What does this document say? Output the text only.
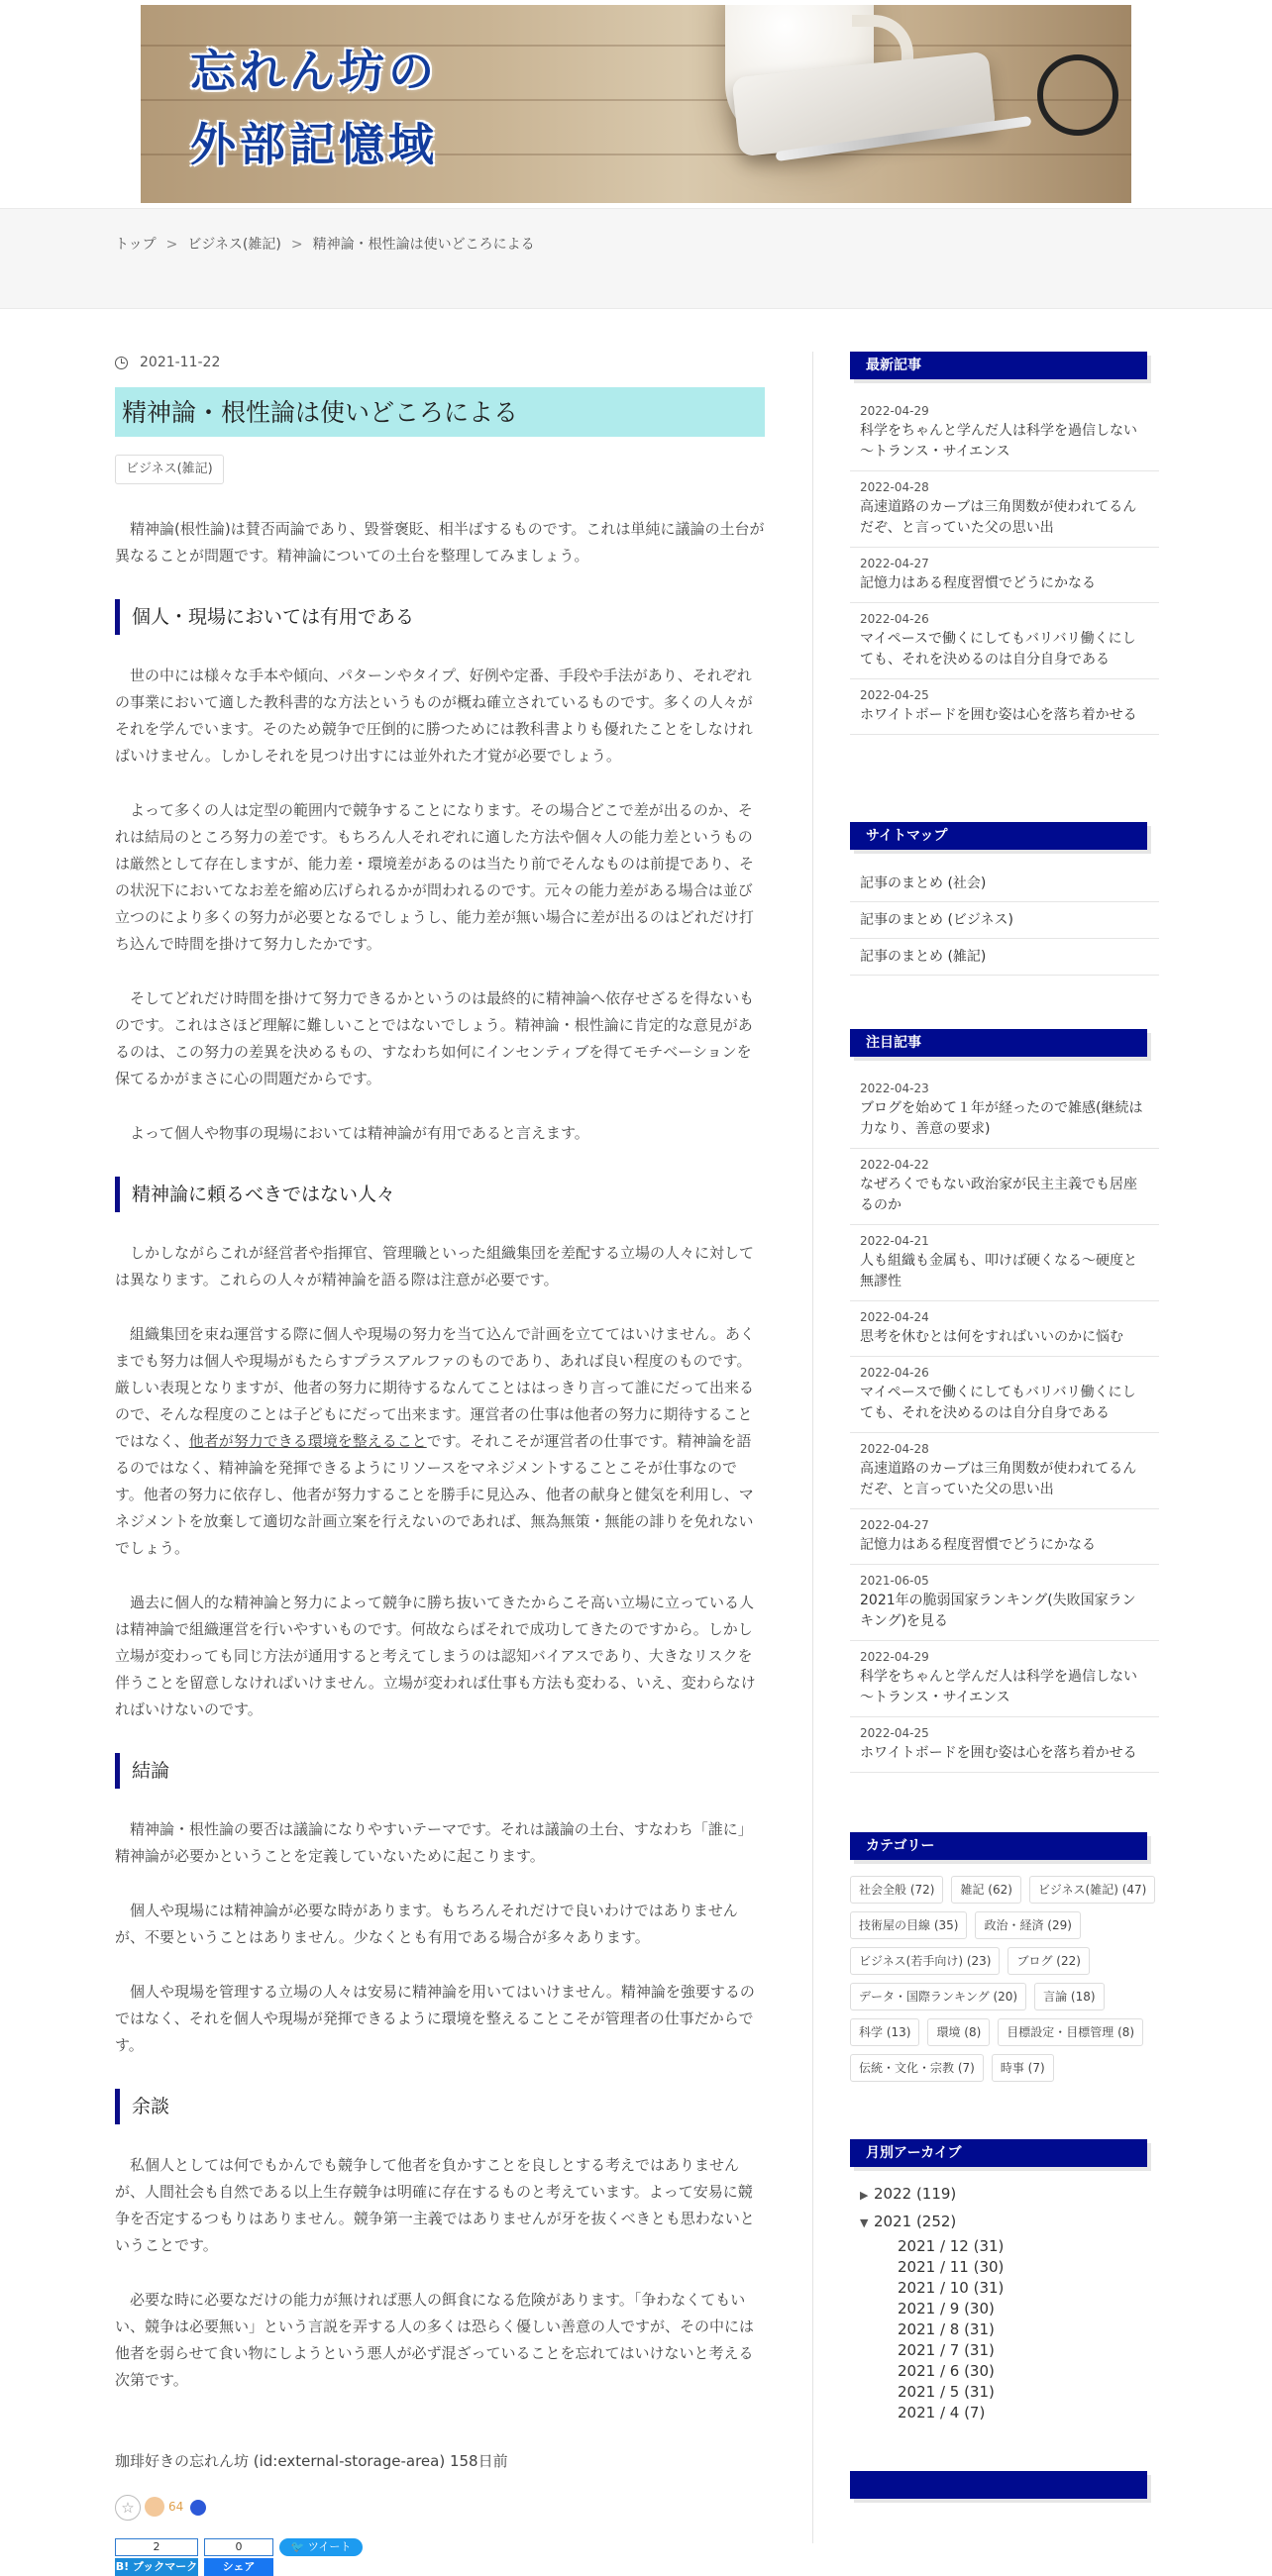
忘れん坊の
外部記憶域
トップ > ビジネス(雑記) > 精神論・根性論は使いどころによる
2021-11-22
精神論・根性論は使いどころによる
ビジネス(雑記)

精神論(根性論)は賛否両論であり、毀誉褒貶、相半ばするものです。これは単純に議論の土台が異なることが問題です。精神論についての土台を整理してみましょう。

個人・現場においては有用である

世の中には様々な手本や傾向、パターンやタイプ、好例や定番、手段や手法があり、それぞれの事業において適した教科書的な方法というものが概ね確立されているものです。多くの人々がそれを学んでいます。そのため競争で圧倒的に勝つためには教科書よりも優れたことをしなければいけません。しかしそれを見つけ出すには並外れた才覚が必要でしょう。

よって多くの人は定型の範囲内で競争することになります。その場合どこで差が出るのか、それは結局のところ努力の差です。もちろん人それぞれに適した方法や個々人の能力差というものは厳然として存在しますが、能力差・環境差があるのは当たり前でそんなものは前提であり、その状況下においてなお差を縮め広げられるかが問われるのです。元々の能力差がある場合は並び立つのにより多くの努力が必要となるでしょうし、能力差が無い場合に差が出るのはどれだけ打ち込んで時間を掛けて努力したかです。

そしてどれだけ時間を掛けて努力できるかというのは最終的に精神論へ依存せざるを得ないものです。これはさほど理解に難しいことではないでしょう。精神論・根性論に肯定的な意見があるのは、この努力の差異を決めるもの、すなわち如何にインセンティブを得てモチベーションを保てるかがまさに心の問題だからです。

よって個人や物事の現場においては精神論が有用であると言えます。

精神論に頼るべきではない人々

しかしながらこれが経営者や指揮官、管理職といった組織集団を差配する立場の人々に対しては異なります。これらの人々が精神論を語る際は注意が必要です。

組織集団を束ね運営する際に個人や現場の努力を当て込んで計画を立ててはいけません。あくまでも努力は個人や現場がもたらすプラスアルファのものであり、あれば良い程度のものです。厳しい表現となりますが、他者の努力に期待するなんてことははっきり言って誰にだって出来るので、そんな程度のことは子どもにだって出来ます。運営者の仕事は他者の努力に期待することではなく、他者が努力できる環境を整えることです。それこそが運営者の仕事です。精神論を語るのではなく、精神論を発揮できるようにリソースをマネジメントすることこそが仕事なのです。他者の努力に依存し、他者が努力することを勝手に見込み、他者の献身と健気を利用し、マネジメントを放棄して適切な計画立案を行えないのであれば、無為無策・無能の誹りを免れないでしょう。

過去に個人的な精神論と努力によって競争に勝ち抜いてきたからこそ高い立場に立っている人は精神論で組織運営を行いやすいものです。何故ならばそれで成功してきたのですから。しかし立場が変わっても同じ方法が通用すると考えてしまうのは認知バイアスであり、大きなリスクを伴うことを留意しなければいけません。立場が変われば仕事も方法も変わる、いえ、変わらなければいけないのです。

結論

精神論・根性論の要否は議論になりやすいテーマです。それは議論の土台、すなわち「誰に」精神論が必要かということを定義していないために起こります。

個人や現場には精神論が必要な時があります。もちろんそれだけで良いわけではありませんが、不要ということはありません。少なくとも有用である場合が多々あります。

個人や現場を管理する立場の人々は安易に精神論を用いてはいけません。精神論を強要するのではなく、それを個人や現場が発揮できるように環境を整えることこそが管理者の仕事だからです。

余談

私個人としては何でもかんでも競争して他者を負かすことを良しとする考えではありませんが、人間社会も自然である以上生存競争は明確に存在するものと考えています。よって安易に競争を否定するつもりはありません。競争第一主義ではありませんが牙を抜くべきとも思わないということです。

必要な時に必要なだけの能力が無ければ悪人の餌食になる危険があります。「争わなくてもいい、競争は必要無い」という言説を弄する人の多くは恐らく優しい善意の人ですが、その中には他者を弱らせて食い物にしようという悪人が必ず混ざっていることを忘れてはいけないと考える次第です。

珈琲好きの忘れん坊 (id:external-storage-area) 158日前
☆	64
2
B! ブックマーク
0
シェア
🐦 ツイート
最新記事
2022-04-29
科学をちゃんと学んだ人は科学を過信しない～トランス・サイエンス
2022-04-28
高速道路のカーブは三角関数が使われてるんだぞ、と言っていた父の思い出
2022-04-27
記憶力はある程度習慣でどうにかなる
2022-04-26
マイペースで働くにしてもバリバリ働くにしても、それを決めるのは自分自身である
2022-04-25
ホワイトボードを囲む姿は心を落ち着かせる
サイトマップ
記事のまとめ (社会)
記事のまとめ (ビジネス)
記事のまとめ (雑記)
注目記事
2022-04-23
ブログを始めて１年が経ったので雑感(継続は力なり、善意の要求)
2022-04-22
なぜろくでもない政治家が民主主義でも居座るのか
2022-04-21
人も組織も金属も、叩けば硬くなる～硬度と無謬性
2022-04-24
思考を休むとは何をすればいいのかに悩む
2022-04-26
マイペースで働くにしてもバリバリ働くにしても、それを決めるのは自分自身である
2022-04-28
高速道路のカーブは三角関数が使われてるんだぞ、と言っていた父の思い出
2022-04-27
記憶力はある程度習慣でどうにかなる
2021-06-05
2021年の脆弱国家ランキング(失敗国家ランキング)を見る
2022-04-29
科学をちゃんと学んだ人は科学を過信しない～トランス・サイエンス
2022-04-25
ホワイトボードを囲む姿は心を落ち着かせる
カテゴリー
社会全般 (72)	雑記 (62)	ビジネス(雑記) (47)
技術屋の目線 (35)	政治・経済 (29)
ビジネス(若手向け) (23)	ブログ (22)
データ・国際ランキング (20)	言論 (18)
科学 (13)	環境 (8)	目標設定・目標管理 (8)
伝統・文化・宗教 (7)	時事 (7)
月別アーカイブ
▶ 2022 (119)
▼ 2021 (252)
2021 / 12 (31)
2021 / 11 (30)
2021 / 10 (31)
2021 / 9 (30)
2021 / 8 (31)
2021 / 7 (31)
2021 / 6 (30)
2021 / 5 (31)
2021 / 4 (7)
